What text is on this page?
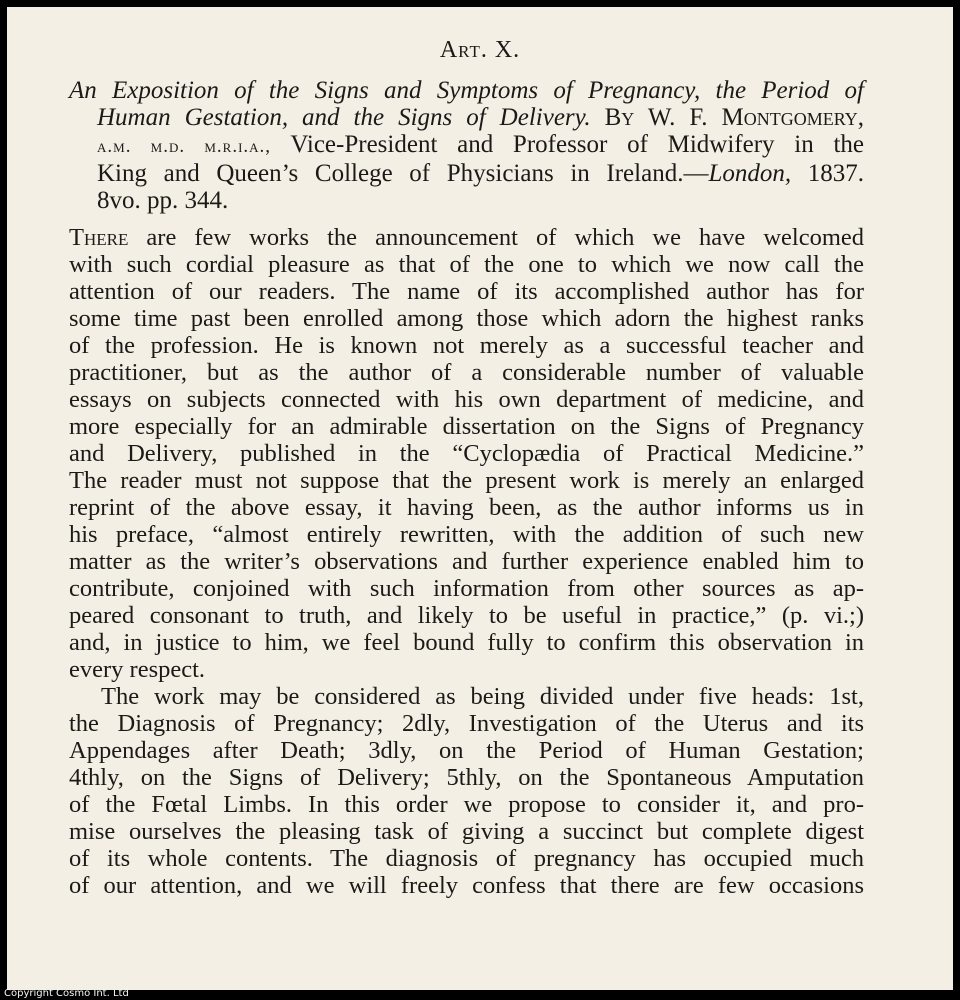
Art. X.
An Exposition of the Signs and Symptoms of Pregnancy, the Period of
Human Gestation, and the Signs of Delivery. By W. F. Montgomery,
a.m. m.d. m.r.i.a., Vice-President and Professor of Midwifery in the
King and Queen’s College of Physicians in Ireland.—London, 1837.
8vo. pp. 344.
There are few works the announcement of which we have welcomed
with such cordial pleasure as that of the one to which we now call the
attention of our readers. The name of its accomplished author has for
some time past been enrolled among those which adorn the highest ranks
of the profession. He is known not merely as a successful teacher and
practitioner, but as the author of a considerable number of valuable
essays on subjects connected with his own department of medicine, and
more especially for an admirable dissertation on the Signs of Pregnancy
and Delivery, published in the “Cyclopædia of Practical Medicine.”
The reader must not suppose that the present work is merely an enlarged
reprint of the above essay, it having been, as the author informs us in
his preface, “almost entirely rewritten, with the addition of such new
matter as the writer’s observations and further experience enabled him to
contribute, conjoined with such information from other sources as ap-
peared consonant to truth, and likely to be useful in practice,” (p. vi.;)
and, in justice to him, we feel bound fully to confirm this observation in
every respect.
The work may be considered as being divided under five heads: 1st,
the Diagnosis of Pregnancy; 2dly, Investigation of the Uterus and its
Appendages after Death; 3dly, on the Period of Human Gestation;
4thly, on the Signs of Delivery; 5thly, on the Spontaneous Amputation
of the Fœtal Limbs. In this order we propose to consider it, and pro-
mise ourselves the pleasing task of giving a succinct but complete digest
of its whole contents. The diagnosis of pregnancy has occupied much
of our attention, and we will freely confess that there are few occasions
Copyright Cosmo Int. Ltd
